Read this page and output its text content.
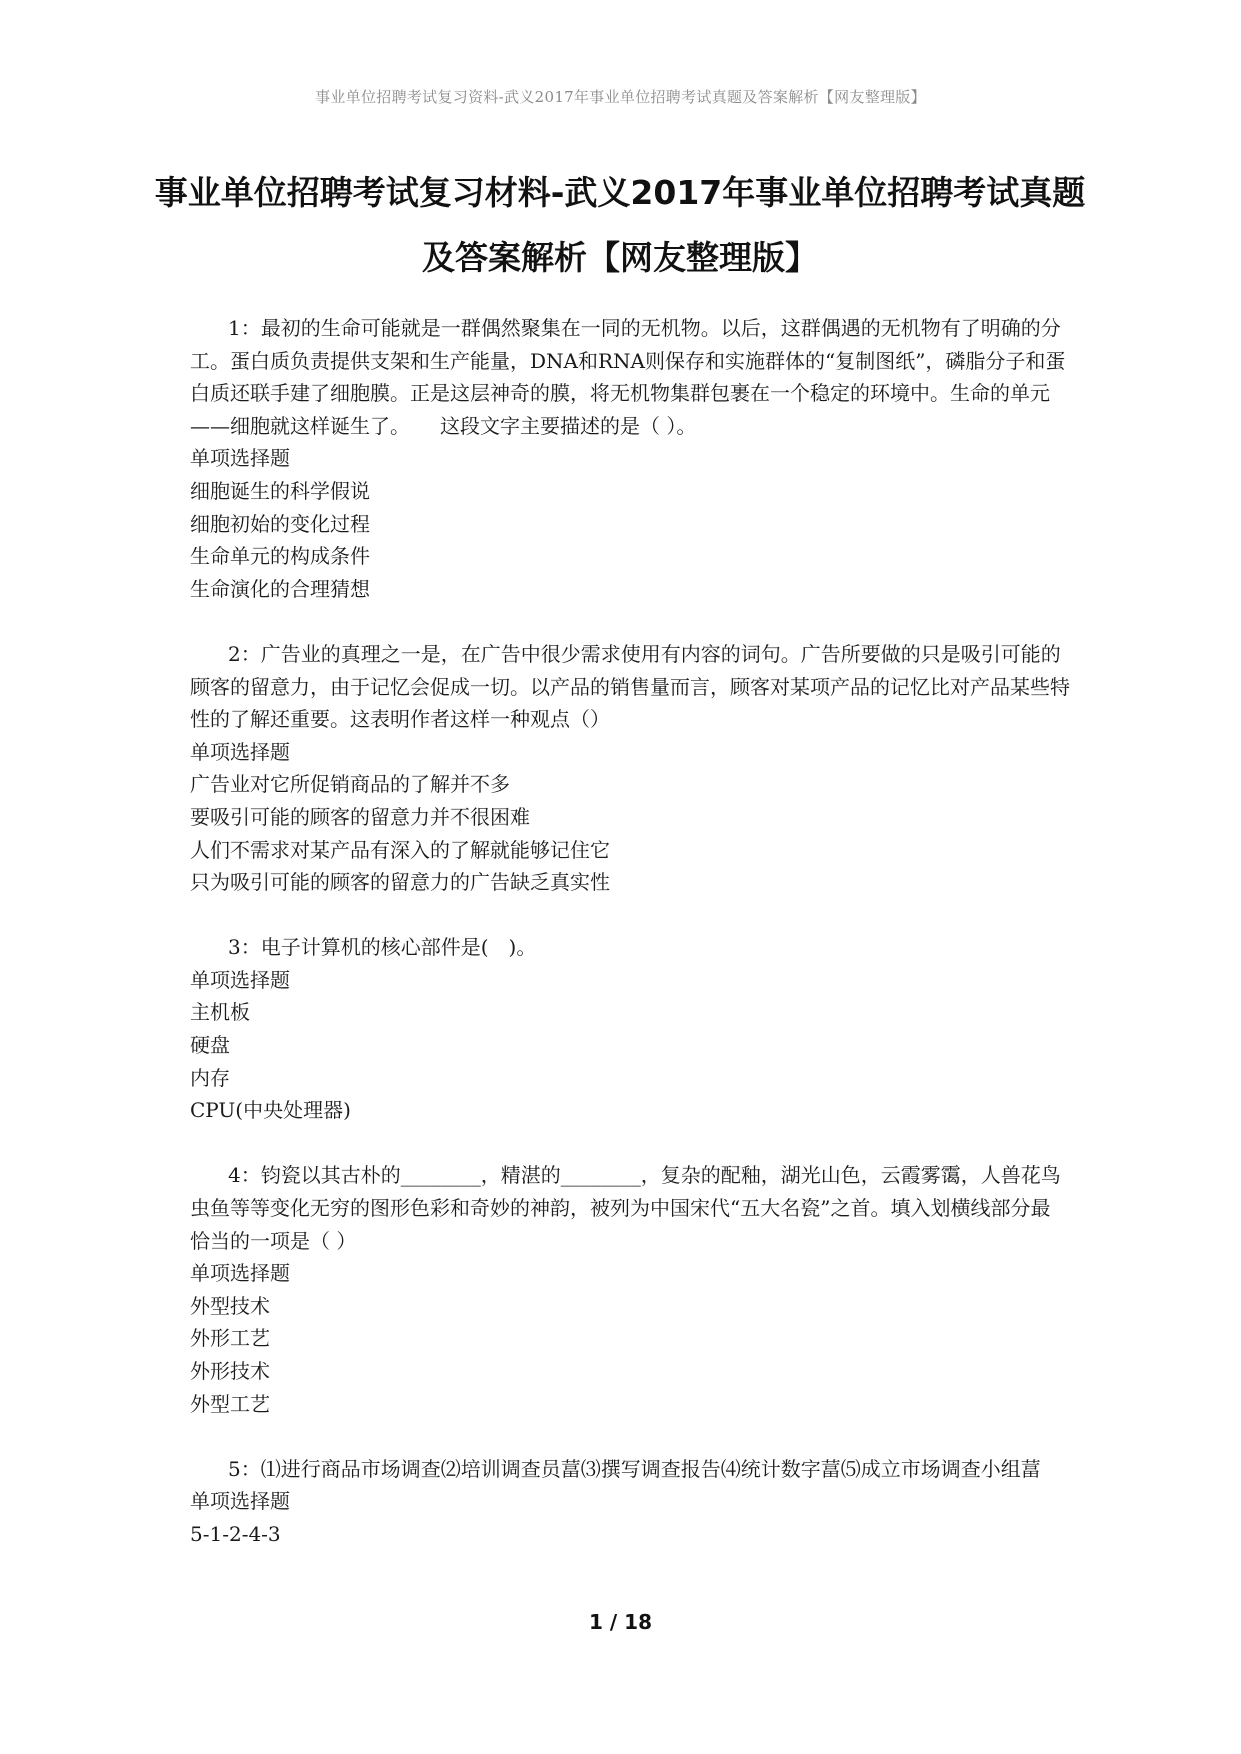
事业单位招聘考试复习资料-武义2017年事业单位招聘考试真题及答案解析【网友整理版】
事业单位招聘考试复习材料-武义2017年事业单位招聘考试真题及答案解析【网友整理版】

1：最初的生命可能就是一群偶然聚集在一同的无机物。以后，这群偶遇的无机物有了明确的分工。蛋白质负责提供支架和生产能量，DNA和RNA则保存和实施群体的“复制图纸”，磷脂分子和蛋白质还联手建了细胞膜。正是这层神奇的膜，将无机物集群包裹在一个稳定的环境中。生命的单元——细胞就这样诞生了。　　这段文字主要描述的是（ ）。

单项选择题

细胞诞生的科学假说

细胞初始的变化过程

生命单元的构成条件

生命演化的合理猜想

2：广告业的真理之一是，在广告中很少需求使用有内容的词句。广告所要做的只是吸引可能的顾客的留意力，由于记忆会促成一切。以产品的销售量而言，顾客对某项产品的记忆比对产品某些特性的了解还重要。这表明作者这样一种观点（）

单项选择题

广告业对它所促销商品的了解并不多

要吸引可能的顾客的留意力并不很困难

人们不需求对某产品有深入的了解就能够记住它

只为吸引可能的顾客的留意力的广告缺乏真实性

3：电子计算机的核心部件是(　)。

单项选择题

主机板

硬盘

内存

CPU(中央处理器)

4：钧瓷以其古朴的________，精湛的________，复杂的配釉，湖光山色，云霞雾霭，人兽花鸟虫鱼等等变化无穷的图形色彩和奇妙的神韵，被列为中国宋代“五大名瓷”之首。填入划横线部分最恰当的一项是（ ）

单项选择题

外型技术

外形工艺

外形技术

外型工艺

5：⑴进行商品市场调查⑵培训调查员葍⑶撰写调查报告⑷统计数字葍⑸成立市场调查小组葍

单项选择题

5-1-2-4-3

1 / 18
